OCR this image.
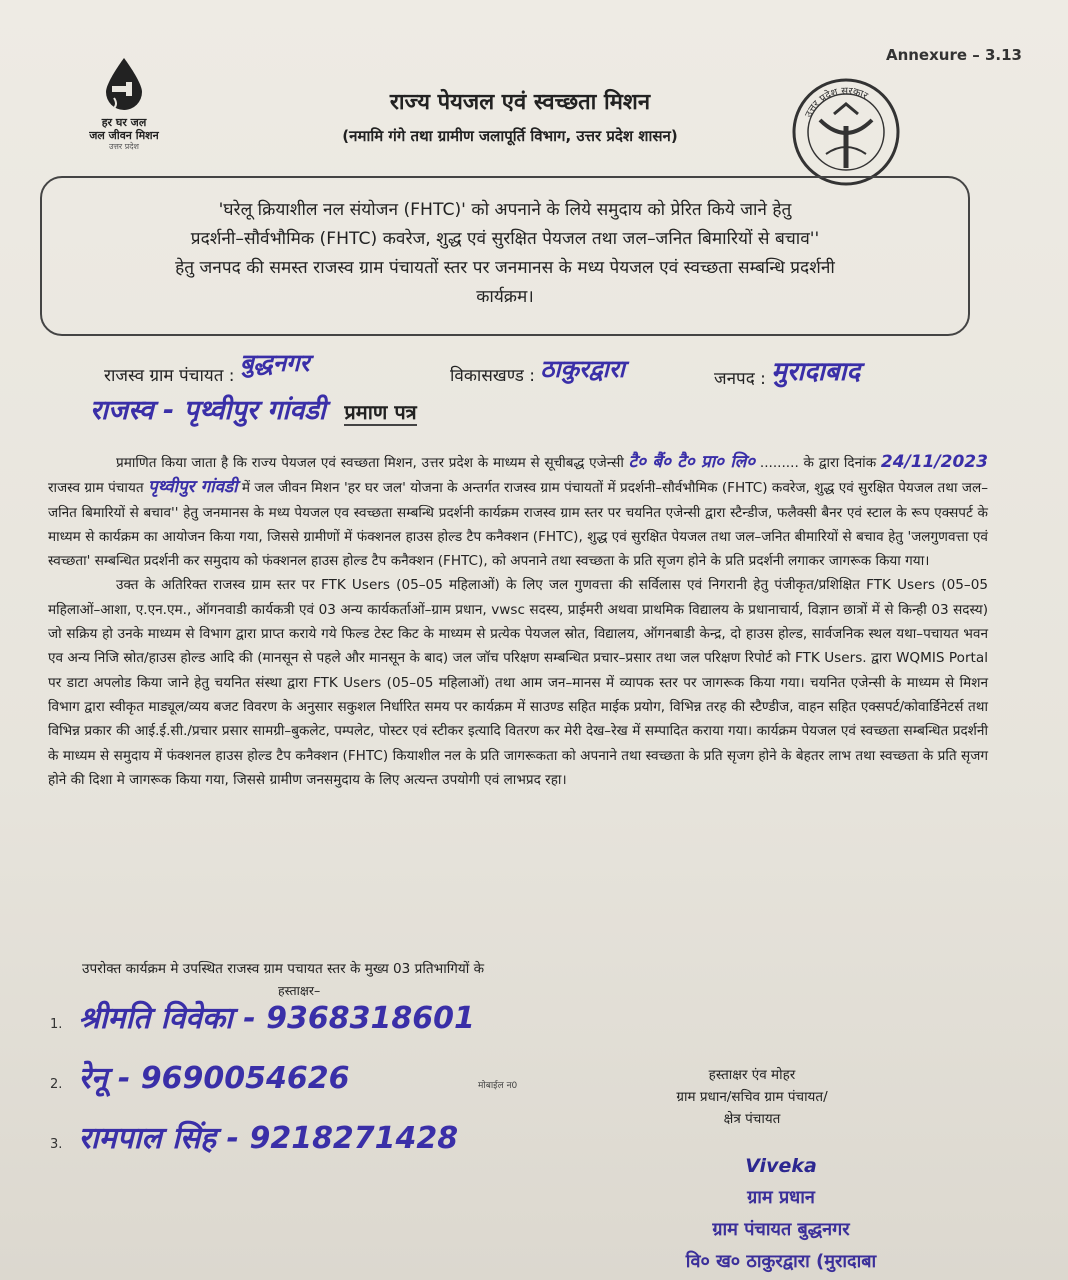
Annexure – 3.13
हर घर जल
जल जीवन मिशन
उत्तर प्रदेश
उत्तर प्रदेश सरकार
राज्य पेयजल एवं स्वच्छता मिशन
(नमामि गंगे तथा ग्रामीण जलापूर्ति विभाग, उत्तर प्रदेश शासन)
'घरेलू क्रियाशील नल संयोजन (FHTC)' को अपनाने के लिये समुदाय को प्रेरित किये जाने हेतु
प्रदर्शनी–सौर्वभौमिक (FHTC) कवरेज, शुद्ध एवं सुरक्षित पेयजल तथा जल–जनित बिमारियों से बचाव''
हेतु जनपद की समस्त राजस्व ग्राम पंचायतों स्तर पर जनमानस के मध्य पेयजल एवं स्वच्छता सम्बन्धि प्रदर्शनी
कार्यक्रम।
राजस्व ग्राम पंचायत : बुद्धनगर	विकासखण्ड : ठाकुरद्वारा	जनपद : मुरादाबाद
राजस्व - पृथ्वीपुर गांवडी प्रमाण पत्र

प्रमाणित किया जाता है कि राज्य पेयजल एवं स्वच्छता मिशन, उत्तर प्रदेश के माध्यम से सूचीबद्ध एजेन्सी टै० बैं० टै० प्रा० लि० ......... के द्वारा दिनांक 24/11/2023 राजस्व ग्राम पंचायत पृथ्वीपुर गांवडी में जल जीवन मिशन 'हर घर जल' योजना के अन्तर्गत राजस्व ग्राम पंचायतों में प्रदर्शनी–सौर्वभौमिक (FHTC) कवरेज, शुद्ध एवं सुरक्षित पेयजल तथा जल–जनित बिमारियों से बचाव'' हेतु जनमानस के मध्य पेयजल एव स्वच्छता सम्बन्धि प्रदर्शनी कार्यक्रम राजस्व ग्राम स्तर पर चयनित एजेन्सी द्वारा स्टैन्डीज, फलैक्सी बैनर एवं स्टाल के रूप एक्सपर्ट के माध्यम से कार्यक्रम का आयोजन किया गया, जिससे ग्रामीणों में फंक्शनल हाउस होल्ड टैप कनैक्शन (FHTC), शुद्ध एवं सुरक्षित पेयजल तथा जल–जनित बीमारियों से बचाव हेतु 'जलगुणवत्ता एवं स्वच्छता' सम्बन्धित प्रदर्शनी कर समुदाय को फंक्शनल हाउस होल्ड टैप कनैक्शन (FHTC), को अपनाने तथा स्वच्छता के प्रति सृजग होने के प्रति प्रदर्शनी लगाकर जागरूक किया गया।

उक्त के अतिरिक्त राजस्व ग्राम स्तर पर FTK Users (05–05 महिलाओं) के लिए जल गुणवत्ता की सर्विलास एवं निगरानी हेतु पंजीकृत/प्रशिक्षित FTK Users (05–05 महिलाओं–आशा, ए.एन.एम., ऑगनवाडी कार्यकत्री एवं 03 अन्य कार्यकर्ताओं–ग्राम प्रधान, vwsc सदस्य, प्राईमरी अथवा प्राथमिक विद्यालय के प्रधानाचार्य, विज्ञान छात्रों में से किन्ही 03 सदस्य) जो सक्रिय हो उनके माध्यम से विभाग द्वारा प्राप्त कराये गये फिल्ड टेस्ट किट के माध्यम से प्रत्येक पेयजल स्रोत, विद्यालय, ऑगनबाडी केन्द्र, दो हाउस होल्ड, सार्वजनिक स्थल यथा–पचायत भवन एव अन्य निजि स्रोत/हाउस होल्ड आदि की (मानसून से पहले और मानसून के बाद) जल जॉच परिक्षण सम्बन्धित प्रचार–प्रसार तथा जल परिक्षण रिपोर्ट को FTK Users. द्वारा WQMIS Portal पर डाटा अपलोड किया जाने हेतु चयनित संस्था द्वारा FTK Users (05–05 महिलाओं) तथा आम जन–मानस में व्यापक स्तर पर जागरूक किया गया। चयनित एजेन्सी के माध्यम से मिशन विभाग द्वारा स्वीकृत माड्यूल/व्यय बजट विवरण के अनुसार सकुशल निर्धारित समय पर कार्यक्रम में साउण्ड सहित माईक प्रयोग, विभिन्न तरह की स्टैण्डीज, वाहन सहित एक्सपर्ट/कोवार्डिनेटर्स तथा विभिन्न प्रकार की आई.ई.सी./प्रचार प्रसार सामग्री–बुकलेट, पम्पलेट, पोस्टर एवं स्टीकर इत्यादि वितरण कर मेरी देख–रेख में सम्पादित कराया गया। कार्यक्रम पेयजल एवं स्वच्छता सम्बन्धित प्रदर्शनी के माध्यम से समुदाय में फंक्शनल हाउस होल्ड टैप कनैक्शन (FHTC) कियाशील नल के प्रति जागरूकता को अपनाने तथा स्वच्छता के प्रति सृजग होने के बेहतर लाभ तथा स्वच्छता के प्रति सृजग होने की दिशा मे जागरूक किया गया, जिससे ग्रामीण जनसमुदाय के लिए अत्यन्त उपयोगी एवं लाभप्रद रहा।

उपरोक्त कार्यक्रम मे उपस्थित राजस्व ग्राम पचायत स्तर के मुख्य 03 प्रतिभागियों के
हस्ताक्षर–
1. श्रीमति विवेका - 9368318601
2. रेनू - 9690054626
3. रामपाल सिंह - 9218271428
मोबाईल न0
हस्ताक्षर एंव मोहर
ग्राम प्रधान/सचिव ग्राम पंचायत/
क्षेत्र पंचायत
Viveka
ग्राम प्रधान
ग्राम पंचायत बुद्धनगर
वि० ख० ठाकुरद्वारा (मुरादाबा
